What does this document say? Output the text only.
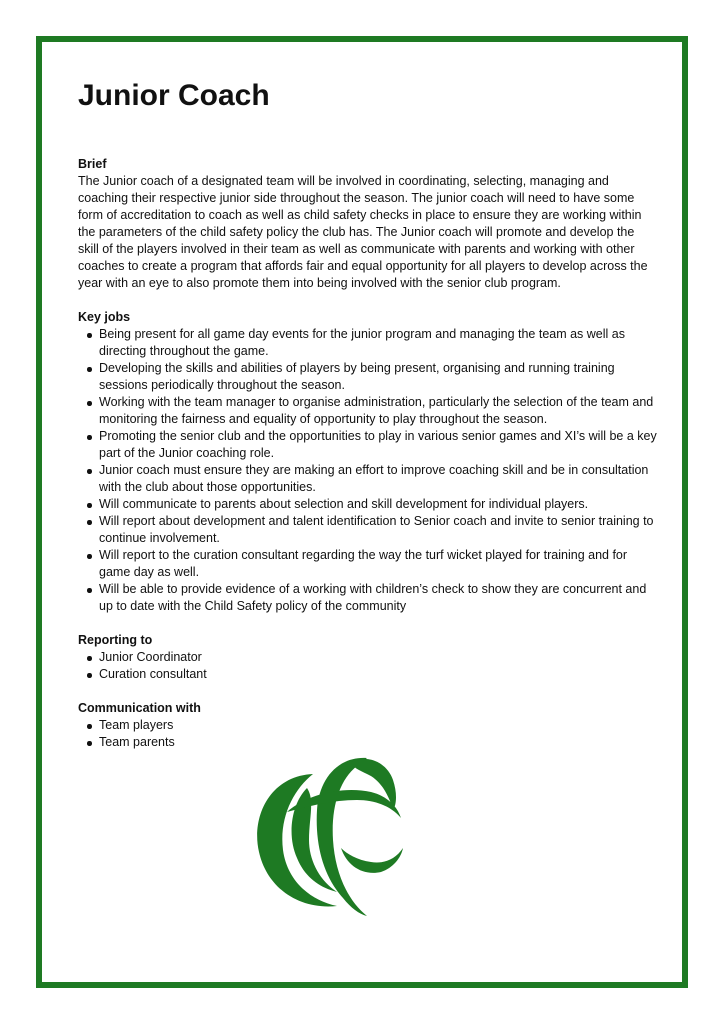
Junior Coach

Brief

The Junior coach of a designated team will be involved in coordinating, selecting, managing and coaching their respective junior side throughout the season. The junior coach will need to have some form of accreditation to coach as well as child safety checks in place to ensure they are working within the parameters of the child safety policy the club has. The Junior coach will promote and develop the skill of the players involved in their team as well as communicate with parents and working with other coaches to create a program that affords fair and equal opportunity for all players to develop across the year with an eye to also promote them into being involved with the senior club program.

Key jobs

Being present for all game day events for the junior program and managing the team as well as directing throughout the game.
Developing the skills and abilities of players by being present, organising and running training sessions periodically throughout the season.
Working with the team manager to organise administration, particularly the selection of the team and monitoring the fairness and equality of opportunity to play throughout the season.
Promoting the senior club and the opportunities to play in various senior games and XI’s will be a key part of the Junior coaching role.
Junior coach must ensure they are making an effort to improve coaching skill and be in consultation with the club about those opportunities.
Will communicate to parents about selection and skill development for individual players.
Will report about development and talent identification to Senior coach and invite to senior training to continue involvement.
Will report to the curation consultant regarding the way the turf wicket played for training and for game day as well.
Will be able to provide evidence of a working with children’s check to show they are concurrent and up to date with the Child Safety policy of the community

Reporting to

Junior Coordinator
Curation consultant

Communication with

Team players
Team parents
